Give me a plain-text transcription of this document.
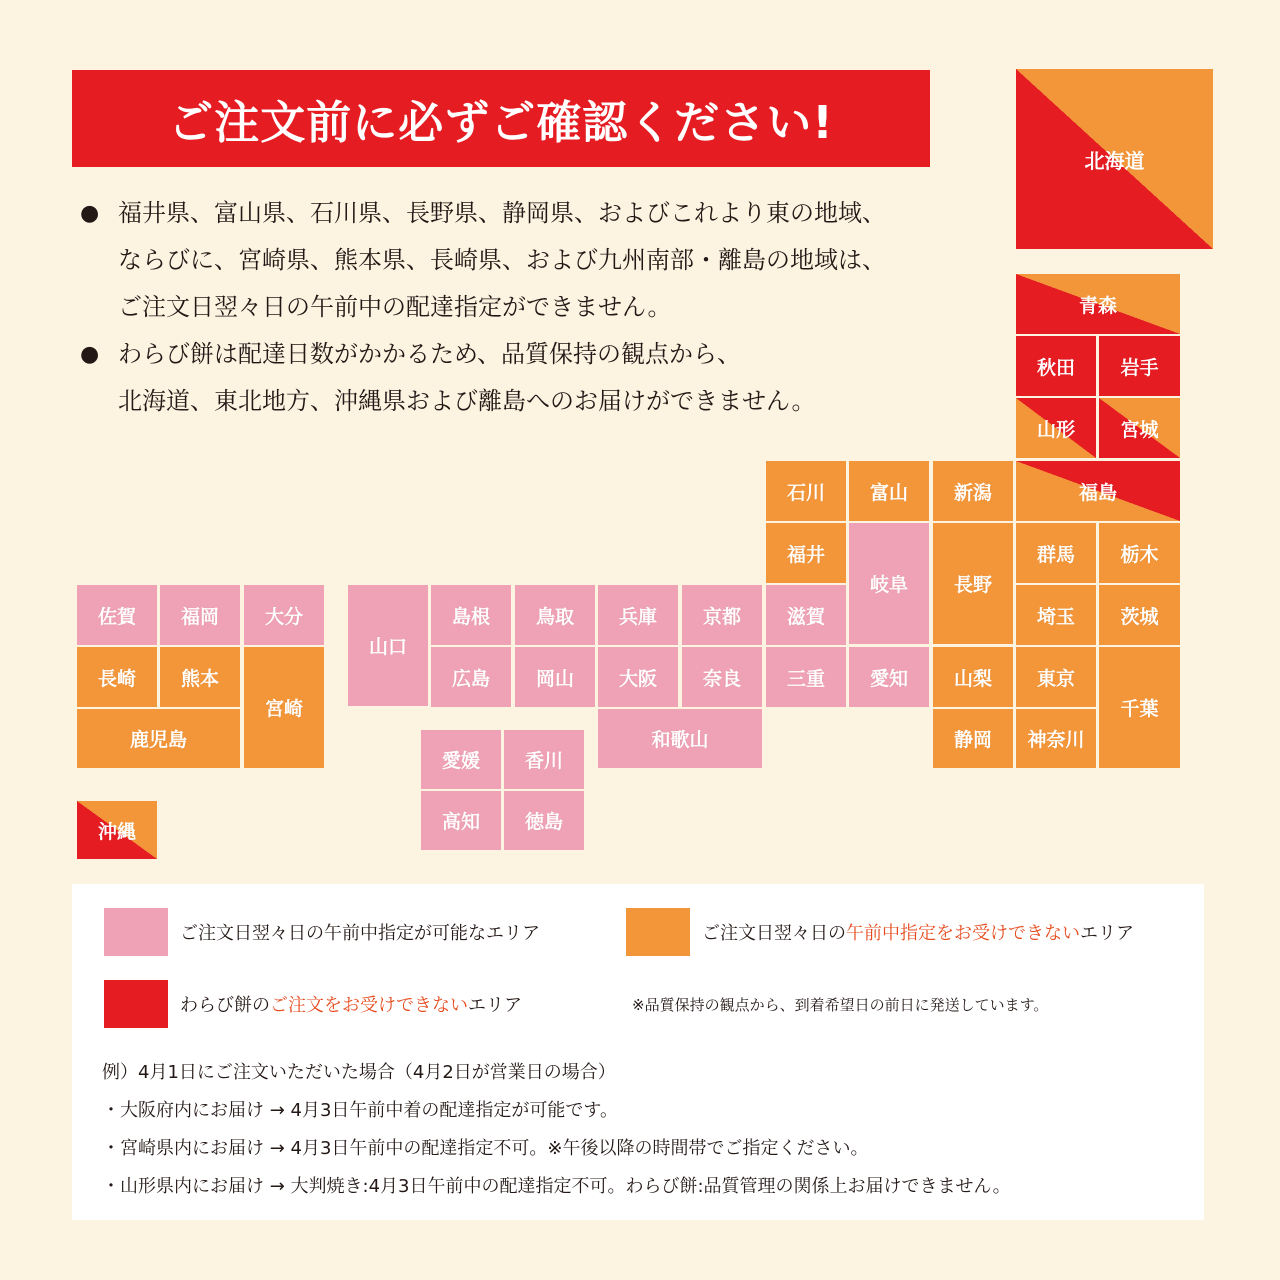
ご注文前に必ずご確認ください!
● 福井県、富山県、石川県、長野県、静岡県、およびこれより東の地域、
ならびに、宮崎県、熊本県、長崎県、および九州南部・離島の地域は、
ご注文日翌々日の午前中の配達指定ができません。
● わらび餅は配達日数がかかるため、品質保持の観点から、
北海道、東北地方、沖縄県および離島へのお届けができません。
北海道
青森
秋田 岩手
山形 宮城
石川 富山 新潟	福島
福井
岐阜 長野
群馬 栃木
佐賀 福岡 大分
山口
島根 鳥取 兵庫 京都 滋賀	埼玉 茨城
長崎 熊本
宮崎
広島 岡山 大阪 奈良 三重 愛知 山梨 東京
千葉
鹿児島	和歌山	静岡 神奈川
愛媛 香川
高知 徳島
沖縄
ご注文日翌々日の午前中指定が可能なエリア	ご注文日翌々日の午前中指定をお受けできないエリア
わらび餅のご注文をお受けできないエリア	※品質保持の観点から、到着希望日の前日に発送しています。
例）4月1日にご注文いただいた場合（4月2日が営業日の場合）
・大阪府内にお届け → 4月3日午前中着の配達指定が可能です。
・宮崎県内にお届け → 4月3日午前中の配達指定不可。※午後以降の時間帯でご指定ください。
・山形県内にお届け → 大判焼き:4月3日午前中の配達指定不可。わらび餅:品質管理の関係上お届けできません。
